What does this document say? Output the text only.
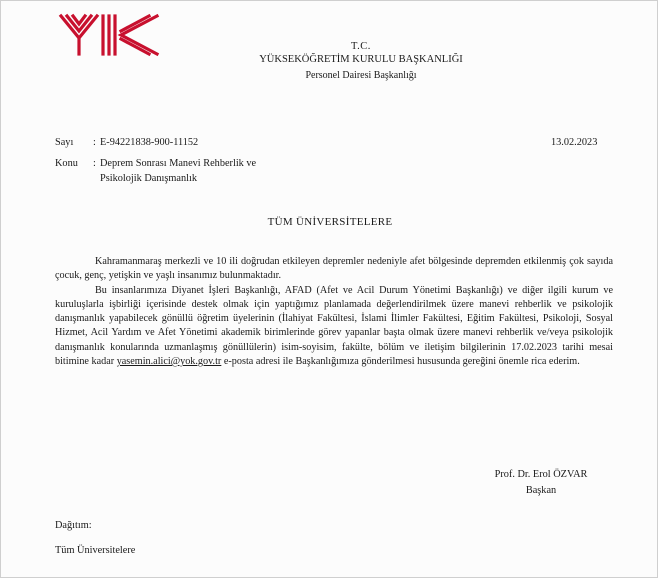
T.C.
YÜKSEKÖĞRETİM KURULU BAŞKANLIĞI
Personel Dairesi Başkanlığı
Sayı : E-94221838-900-11152	13.02.2023
Konu : Deprem Sonrası Manevi Rehberlik ve
Psikolojik Danışmanlık
TÜM ÜNİVERSİTELERE

Kahramanmaraş merkezli ve 10 ili doğrudan etkileyen depremler nedeniyle afet bölgesinde depremden etkilenmiş çok sayıda çocuk, genç, yetişkin ve yaşlı insanımız bulunmaktadır.

Bu insanlarımıza Diyanet İşleri Başkanlığı, AFAD (Afet ve Acil Durum Yönetimi Başkanlığı) ve diğer ilgili kurum ve kuruluşlarla işbirliği içerisinde destek olmak için yaptığımız planlamada değerlendirilmek üzere manevi rehberlik ve psikolojik danışmanlık yapabilecek gönüllü öğretim üyelerinin (İlahiyat Fakültesi, İslami İlimler Fakültesi, Eğitim Fakültesi, Psikoloji, Sosyal Hizmet, Acil Yardım ve Afet Yönetimi akademik birimlerinde görev yapanlar başta olmak üzere manevi rehberlik ve/veya psikolojik danışmanlık konularında uzmanlaşmış gönüllülerin) isim-soyisim, fakülte, bölüm ve iletişim bilgilerinin 17.02.2023 tarihi mesai bitimine kadar yasemin.alici@yok.gov.tr e-posta adresi ile Başkanlığımıza gönderilmesi hususunda gereğini önemle rica ederim.

Prof. Dr. Erol ÖZVAR
Başkan
Dağıtım:
Tüm Üniversitelere
